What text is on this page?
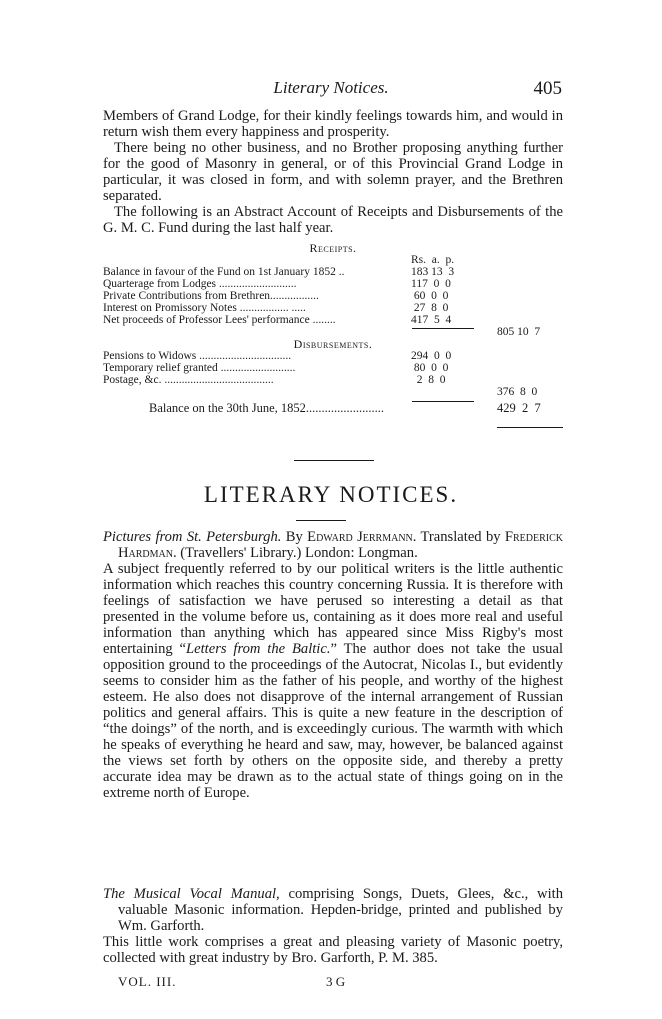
Literary Notices.	405

Members of Grand Lodge, for their kindly feelings towards him, and would in return wish them every happiness and prosperity.

There being no other business, and no Brother proposing anything further for the good of Masonry in general, or of this Provincial Grand Lodge in particular, it was closed in form, and with solemn prayer, and the Brethren separated.

The following is an Abstract Account of Receipts and Disbursements of the G. M. C. Fund during the last half year.

Receipts.
Rs.  a.  p.
Balance in favour of the Fund on 1st January 1852 ..	183 13  3
Quarterage from Lodges ...........................	117  0  0
Private Contributions from Brethren.................	60  0  0
Interest on Promissory Notes ................. .....	27  8  0
Net proceeds of Professor Lees' performance ........	417  5  4
805 10  7
Disbursements.
Pensions to Widows ................................	294  0  0
Temporary relief granted ..........................	80  0  0
Postage, &c. ......................................	2  8  0
376  8  0
Balance on the 30th June, 1852.........................	429  2  7
LITERARY NOTICES.

Pictures from St. Petersburgh. By Edward Jerrmann. Translated by Frederick Hardman. (Travellers' Library.) London: Longman.

A subject frequently referred to by our political writers is the little authentic information which reaches this country concerning Russia. It is therefore with feelings of satisfaction we have perused so interesting a detail as that presented in the volume before us, containing as it does more real and useful information than anything which has appeared since Miss Rigby's most entertaining “Letters from the Baltic.” The author does not take the usual opposition ground to the proceedings of the Autocrat, Nicolas I., but evidently seems to consider him as the father of his people, and worthy of the highest esteem. He also does not disapprove of the internal arrangement of Russian politics and general affairs. This is quite a new feature in the description of “the doings” of the north, and is exceedingly curious. The warmth with which he speaks of everything he heard and saw, may, however, be balanced against the views set forth by others on the opposite side, and thereby a pretty accurate idea may be drawn as to the actual state of things going on in the extreme north of Europe.

The Musical Vocal Manual, comprising Songs, Duets, Glees, &c., with valuable Masonic information. Hepden-bridge, printed and published by Wm. Garforth.

This little work comprises a great and pleasing variety of Masonic poetry, collected with great industry by Bro. Garforth, P. M. 385.

VOL. III.	3 G
